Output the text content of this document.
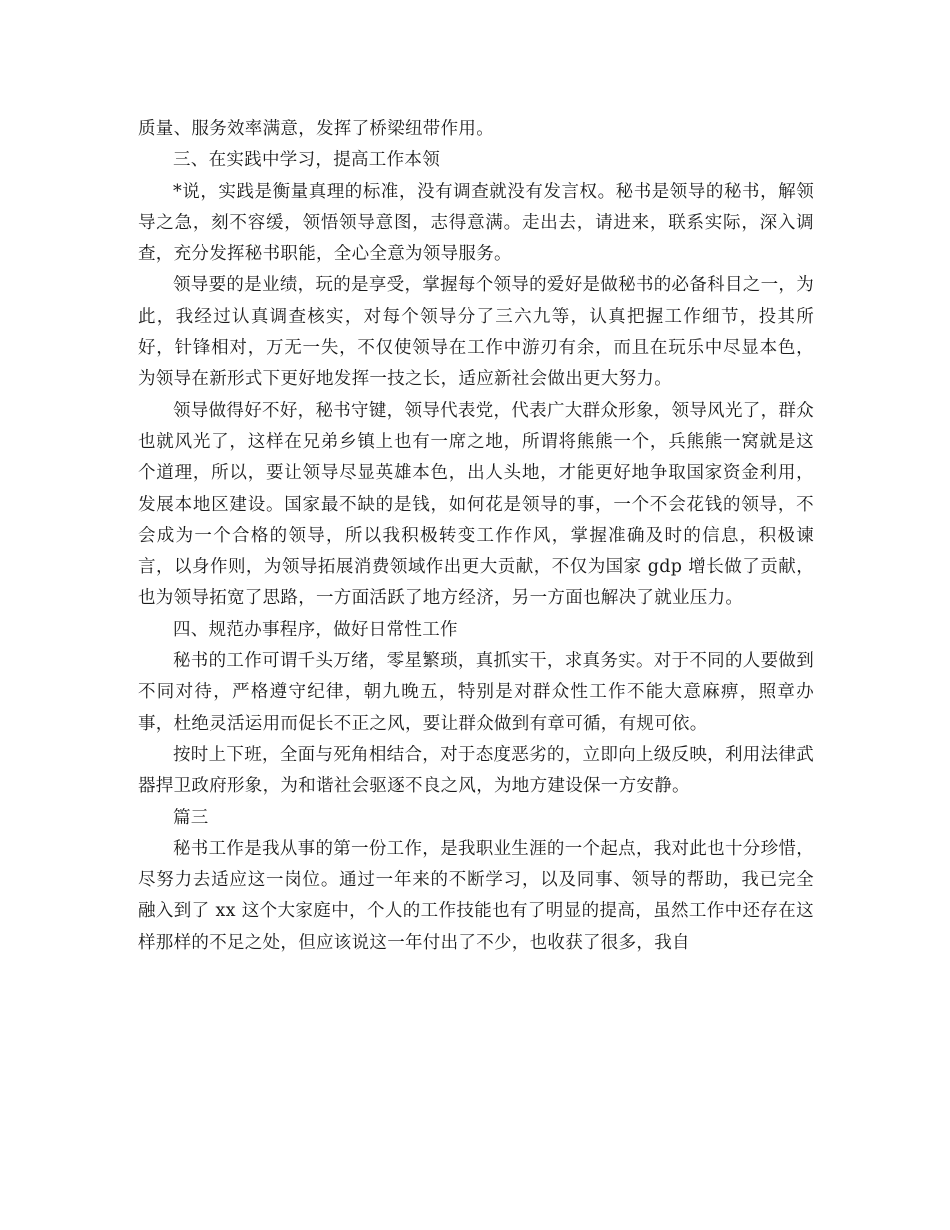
质量、服务效率满意，发挥了桥梁纽带作用。

三、在实践中学习，提高工作本领

*说，实践是衡量真理的标准，没有调查就没有发言权。秘书是领导的秘书，解领导之急，刻不容缓，领悟领导意图，志得意满。走出去，请进来，联系实际，深入调查，充分发挥秘书职能，全心全意为领导服务。

领导要的是业绩，玩的是享受，掌握每个领导的爱好是做秘书的必备科目之一，为此，我经过认真调查核实，对每个领导分了三六九等，认真把握工作细节，投其所好，针锋相对，万无一失，不仅使领导在工作中游刃有余，而且在玩乐中尽显本色，为领导在新形式下更好地发挥一技之长，适应新社会做出更大努力。

领导做得好不好，秘书守键，领导代表党，代表广大群众形象，领导风光了，群众也就风光了，这样在兄弟乡镇上也有一席之地，所谓将熊熊一个，兵熊熊一窝就是这个道理，所以，要让领导尽显英雄本色，出人头地，才能更好地争取国家资金利用，发展本地区建设。国家最不缺的是钱，如何花是领导的事，一个不会花钱的领导，不会成为一个合格的领导，所以我积极转变工作作风，掌握准确及时的信息，积极谏言，以身作则，为领导拓展消费领域作出更大贡献，不仅为国家 gdp 增长做了贡献，也为领导拓宽了思路，一方面活跃了地方经济，另一方面也解决了就业压力。

四、规范办事程序，做好日常性工作

秘书的工作可谓千头万绪，零星繁琐，真抓实干，求真务实。对于不同的人要做到不同对待，严格遵守纪律，朝九晚五，特别是对群众性工作不能大意麻痹，照章办事，杜绝灵活运用而促长不正之风，要让群众做到有章可循，有规可依。

按时上下班，全面与死角相结合，对于态度恶劣的，立即向上级反映，利用法律武器捍卫政府形象，为和谐社会驱逐不良之风，为地方建设保一方安静。

篇三

秘书工作是我从事的第一份工作，是我职业生涯的一个起点，我对此也十分珍惜，尽努力去适应这一岗位。通过一年来的不断学习，以及同事、领导的帮助，我已完全融入到了 xx 这个大家庭中，个人的工作技能也有了明显的提高，虽然工作中还存在这样那样的不足之处，但应该说这一年付出了不少，也收获了很多，我自
